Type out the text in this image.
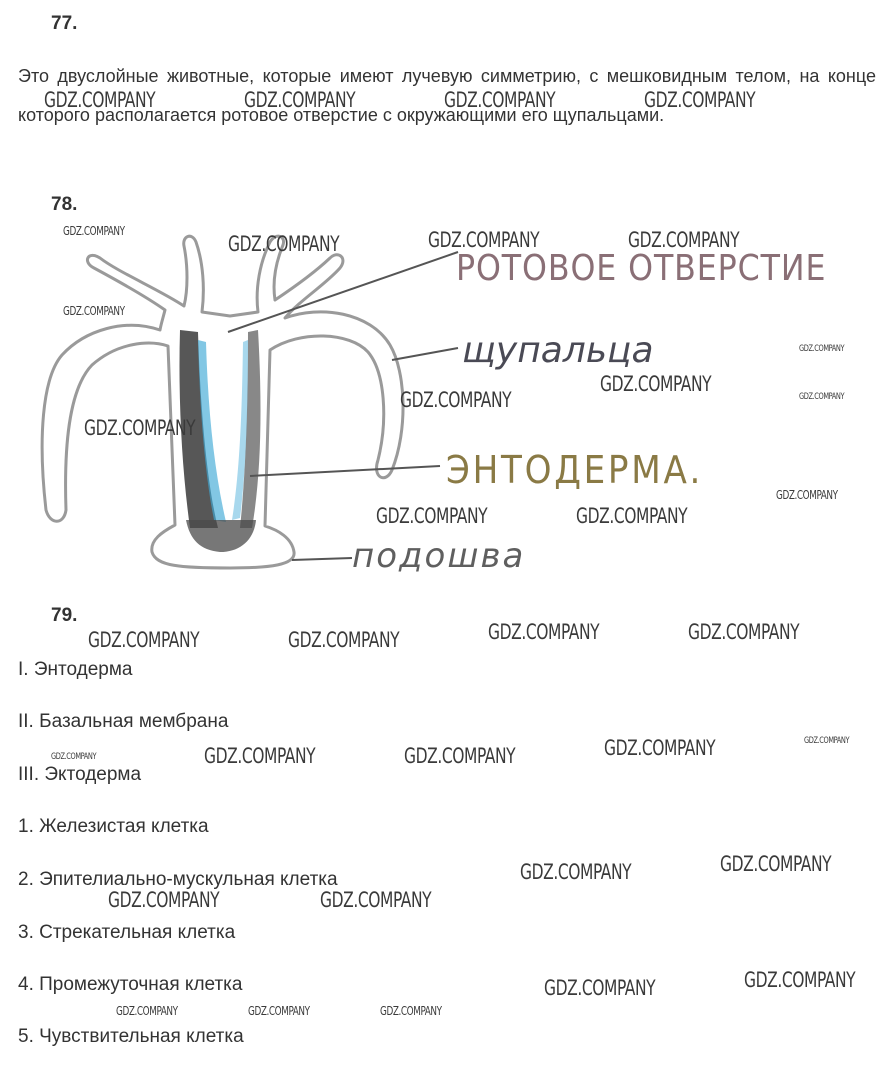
77.
Это двуслойные животные, которые имеют лучевую симметрию, с мешковидным телом, на конце которого располагается ротовое отверстие с окружающими его щупальцами.
78.
РОТОВОЕ ОТВЕРСТИЕ
щупальца
ЭНТОДЕРМА.
подошва
79.
I. Энтодерма
II. Базальная мембрана
III. Эктодерма
1. Железистая клетка
2. Эпителиально-мускульная клетка
3. Стрекательная клетка
4. Промежуточная клетка
5. Чувствительная клетка
GDZ.COMPANY	GDZ.COMPANY	GDZ.COMPANY	GDZ.COMPANY
GDZ.COMPANY
GDZ.COMPANY	GDZ.COMPANY	GDZ.COMPANY
GDZ.COMPANY
GDZ.COMPANY
GDZ.COMPANY
GDZ.COMPANY
GDZ.COMPANY
GDZ.COMPANY
GDZ.COMPANY
GDZ.COMPANY	GDZ.COMPANY
GDZ.COMPANY	GDZ.COMPANY	GDZ.COMPANY	GDZ.COMPANY
GDZ.COMPANY	GDZ.COMPANY	GDZ.COMPANY	GDZ.COMPANY	GDZ.COMPANY
GDZ.COMPANY	GDZ.COMPANY
GDZ.COMPANY	GDZ.COMPANY
GDZ.COMPANY	GDZ.COMPANY
GDZ.COMPANY	GDZ.COMPANY	GDZ.COMPANY
